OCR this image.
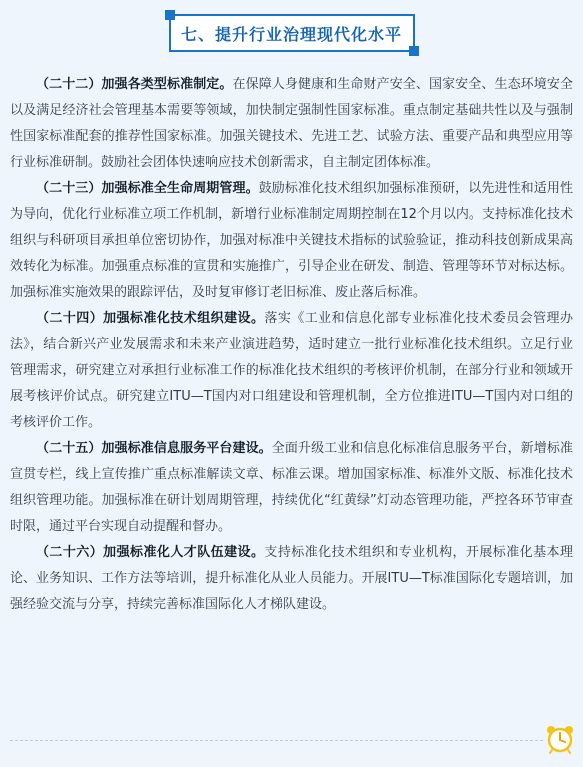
七、提升行业治理现代化水平

（二十二）加强各类型标准制定。在保障人身健康和生命财产安全、国家安全、生态环境安全以及满足经济社会管理基本需要等领域，加快制定强制性国家标准。重点制定基础共性以及与强制性国家标准配套的推荐性国家标准。加强关键技术、先进工艺、试验方法、重要产品和典型应用等行业标准研制。鼓励社会团体快速响应技术创新需求，自主制定团体标准。

（二十三）加强标准全生命周期管理。鼓励标准化技术组织加强标准预研，以先进性和适用性为导向，优化行业标准立项工作机制，新增行业标准制定周期控制在12个月以内。支持标准化技术组织与科研项目承担单位密切协作，加强对标准中关键技术指标的试验验证，推动科技创新成果高效转化为标准。加强重点标准的宣贯和实施推广，引导企业在研发、制造、管理等环节对标达标。加强标准实施效果的跟踪评估，及时复审修订老旧标准、废止落后标准。

（二十四）加强标准化技术组织建设。落实《工业和信息化部专业标准化技术委员会管理办法》，结合新兴产业发展需求和未来产业演进趋势，适时建立一批行业标准化技术组织。立足行业管理需求，研究建立对承担行业标准工作的标准化技术组织的考核评价机制，在部分行业和领域开展考核评价试点。研究建立ITU—T国内对口组建设和管理机制，全方位推进ITU—T国内对口组的考核评价工作。

（二十五）加强标准信息服务平台建设。全面升级工业和信息化标准信息服务平台，新增标准宣贯专栏，线上宣传推广重点标准解读文章、标准云课。增加国家标准、标准外文版、标准化技术组织管理功能。加强标准在研计划周期管理，持续优化“红黄绿”灯动态管理功能，严控各环节审查时限，通过平台实现自动提醒和督办。

（二十六）加强标准化人才队伍建设。支持标准化技术组织和专业机构，开展标准化基本理论、业务知识、工作方法等培训，提升标准化从业人员能力。开展ITU—T标准国际化专题培训，加强经验交流与分享，持续完善标准国际化人才梯队建设。
